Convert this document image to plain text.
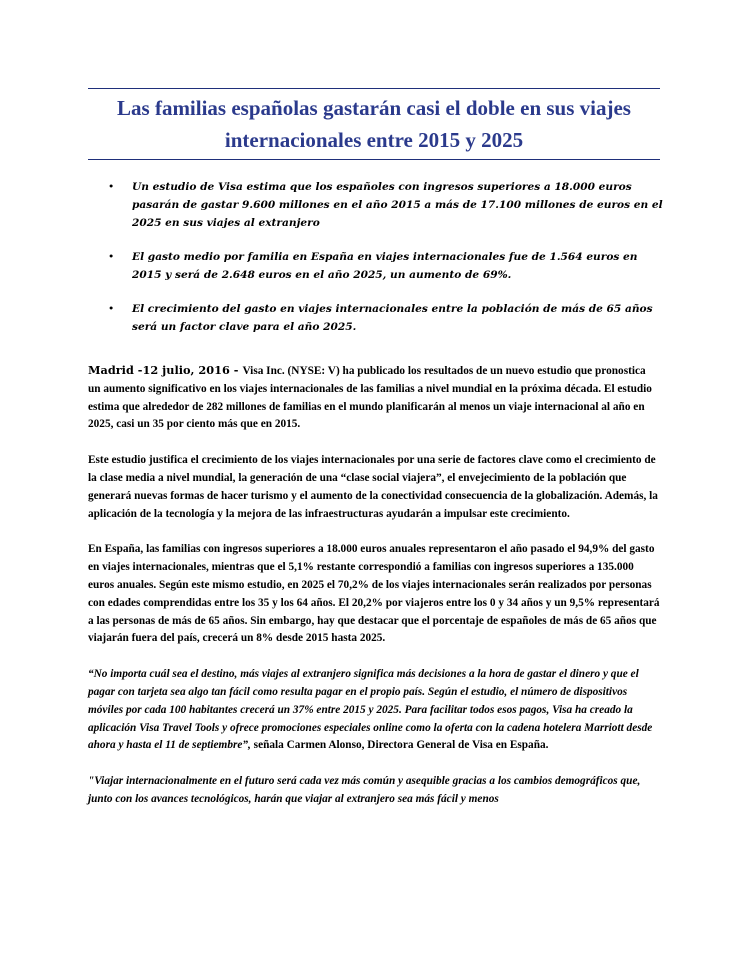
Las familias españolas gastarán casi el doble en sus viajes internacionales entre 2015 y 2025
• Un estudio de Visa estima que los españoles con ingresos superiores a 18.000 euros pasarán de gastar 9.600 millones en el año 2015 a más de 17.100 millones de euros en el 2025 en sus viajes al extranjero
• El gasto medio por familia en España en viajes internacionales fue de 1.564 euros en 2015 y será de 2.648 euros en el año 2025, un aumento de 69%.
• El crecimiento del gasto en viajes internacionales entre la población de más de 65 años será un factor clave para el año 2025.

Madrid -12 julio, 2016 - Visa Inc. (NYSE: V) ha publicado los resultados de un nuevo estudio que pronostica un aumento significativo en los viajes internacionales de las familias a nivel mundial en la próxima década. El estudio estima que alrededor de 282 millones de familias en el mundo planificarán al menos un viaje internacional al año en 2025, casi un 35 por ciento más que en 2015.

Este estudio justifica el crecimiento de los viajes internacionales por una serie de factores clave como el crecimiento de la clase media a nivel mundial, la generación de una “clase social viajera”, el envejecimiento de la población que generará nuevas formas de hacer turismo y el aumento de la conectividad consecuencia de la globalización. Además, la aplicación de la tecnología y la mejora de las infraestructuras ayudarán a impulsar este crecimiento.

En España, las familias con ingresos superiores a 18.000 euros anuales representaron el año pasado el 94,9% del gasto en viajes internacionales, mientras que el 5,1% restante correspondió a familias con ingresos superiores a 135.000 euros anuales. Según este mismo estudio, en 2025 el 70,2% de los viajes internacionales serán realizados por personas con edades comprendidas entre los 35 y los 64 años. El 20,2% por viajeros entre los 0 y 34 años y un 9,5% representará a las personas de más de 65 años. Sin embargo, hay que destacar que el porcentaje de españoles de más de 65 años que viajarán fuera del país, crecerá un 8% desde 2015 hasta 2025.

“No importa cuál sea el destino, más viajes al extranjero significa más decisiones a la hora de gastar el dinero y que el pagar con tarjeta sea algo tan fácil como resulta pagar en el propio país. Según el estudio, el número de dispositivos móviles por cada 100 habitantes crecerá un 37% entre 2015 y 2025. Para facilitar todos esos pagos, Visa ha creado la aplicación Visa Travel Tools y ofrece promociones especiales online como la oferta con la cadena hotelera Marriott desde ahora y hasta el 11 de septiembre”, señala Carmen Alonso, Directora General de Visa en España.

"Viajar internacionalmente en el futuro será cada vez más común y asequible gracias a los cambios demográficos que, junto con los avances tecnológicos, harán que viajar al extranjero sea más fácil y menos
